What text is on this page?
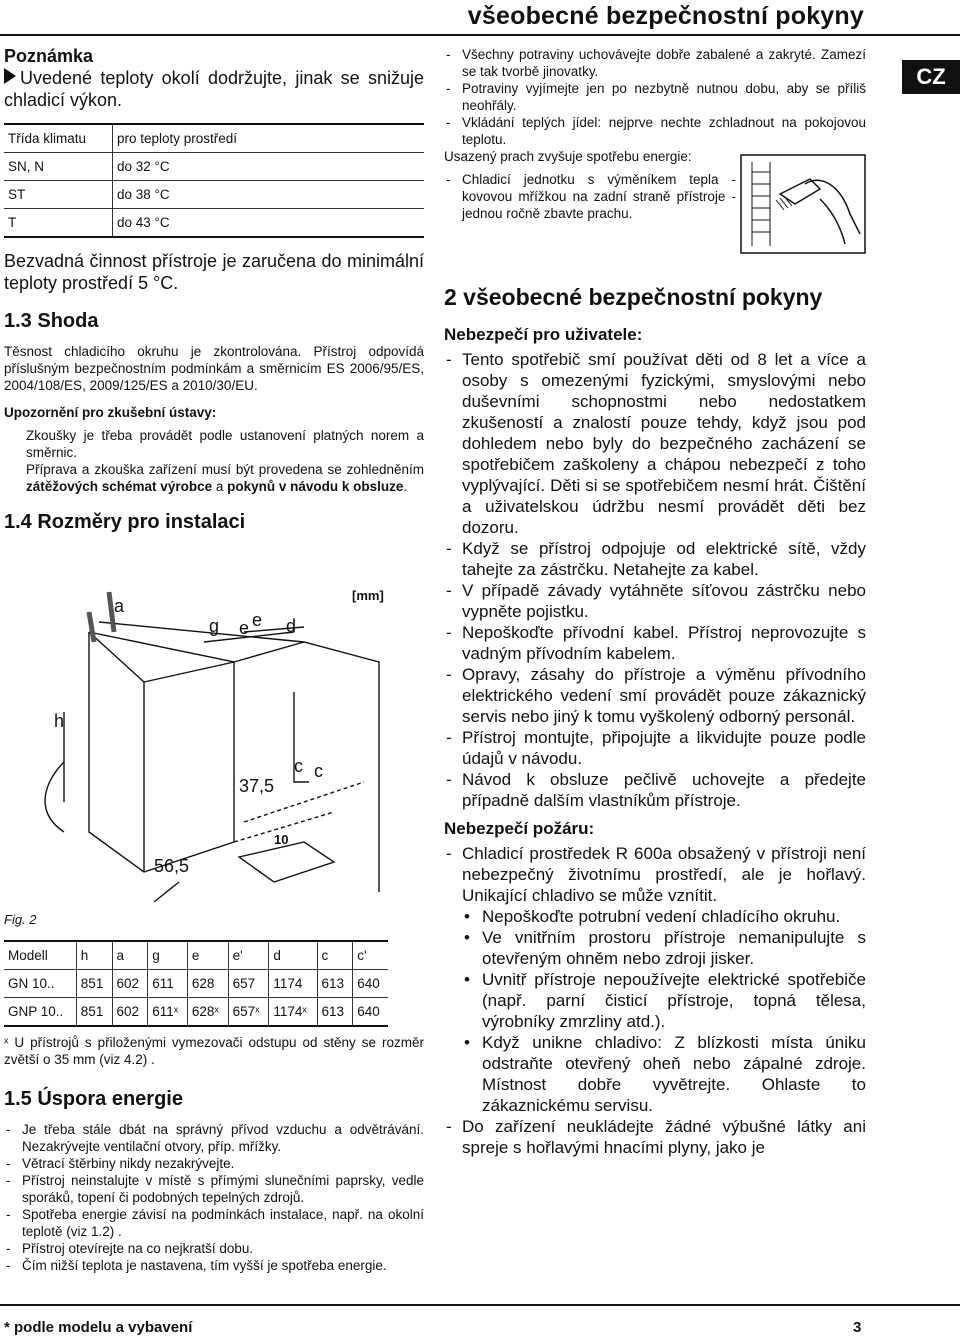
všeobecné bezpečnostní pokyny
CZ
Poznámka
Uvedené teploty okolí dodržujte, jinak se snižuje chladicí výkon.
Třída klimatu	pro teploty prostředí
SN, N	do 32 °C
ST	do 38 °C
T	do 43 °C
Bezvadná činnost přístroje je zaručena do minimální teploty prostředí 5 °C.
1.3 Shoda
Těsnost chladicího okruhu je zkontrolována. Přístroj odpovídá příslušným bezpečnostním podmínkám a směrnicím ES 2006/95/ES, 2004/108/ES, 2009/125/ES a 2010/30/EU.
Upozornění pro zkušební ústavy:
Zkoušky je třeba provádět podle ustanovení platných norem a směrnic.
Příprava a zkouška zařízení musí být provedena se zohledněním zátěžových schémat výrobce a pokynů v návodu k obsluze.
1.4 Rozměry pro instalaci
[mm]
a
g e e d
h
c c
37,5
10
56,5
Fig. 2
Modell	h	a	g	e	e'	d	c	c'
GN 10..	851	602	611	628	657	1174	613	640
GNP 10..	851	602	611ˣ	628ˣ	657ˣ	1174ˣ	613	640
ˣ U přístrojů s přiloženými vymezovači odstupu od stěny se rozměr zvětší o 35 mm (viz 4.2) .
1.5 Úspora energie
- Je třeba stále dbát na správný přívod vzduchu a odvětrávání. Nezakrývejte ventilační otvory, příp. mřížky.
- Větrací štěrbiny nikdy nezakrývejte.
- Přístroj neinstalujte v místě s přímými slunečními paprsky, vedle sporáků, topení či podobných tepelných zdrojů.
- Spotřeba energie závisí na podmínkách instalace, např. na okolní teplotě (viz 1.2) .
- Přístroj otevírejte na co nejkratší dobu.
- Čím nižší teplota je nastavena, tím vyšší je spotřeba energie.
- Všechny potraviny uchovávejte dobře zabalené a zakryté. Zamezí se tak tvorbě jinovatky.
- Potraviny vyjímejte jen po nezbytně nutnou dobu, aby se příliš neohřály.
- Vkládání teplých jídel: nejprve nechte zchladnout na pokojovou teplotu.
Usazený prach zvyšuje spotřebu energie:
- Chladicí jednotku s výměníkem tepla - kovovou mřížkou na zadní straně přístroje - jednou ročně zbavte prachu.
2 všeobecné bezpečnostní pokyny
Nebezpečí pro uživatele:
- Tento spotřebič smí používat děti od 8 let a více a osoby s omezenými fyzickými, smyslovými nebo duševními schopnostmi nebo nedostatkem zkušeností a znalostí pouze tehdy, když jsou pod dohledem nebo byly do bezpečného zacházení se spotřebičem zaškoleny a chápou nebezpečí z toho vyplývající. Děti si se spotřebičem nesmí hrát. Čištění a uživatelskou údržbu nesmí provádět děti bez dozoru.
- Když se přístroj odpojuje od elektrické sítě, vždy tahejte za zástrčku. Netahejte za kabel.
- V případě závady vytáhněte síťovou zástrčku nebo vypněte pojistku.
- Nepoškoďte přívodní kabel. Přístroj neprovozujte s vadným přívodním kabelem.
- Opravy, zásahy do přístroje a výměnu přívodního elektrického vedení smí provádět pouze zákaznický servis nebo jiný k tomu vyškolený odborný personál.
- Přístroj montujte, připojujte a likvidujte pouze podle údajů v návodu.
- Návod k obsluze pečlivě uchovejte a předejte případně dalším vlastníkům přístroje.
Nebezpečí požáru:
- Chladicí prostředek R 600a obsažený v přístroji není nebezpečný životnímu prostředí, ale je hořlavý. Unikající chladivo se může vznítit.
• Nepoškoďte potrubní vedení chladícího okruhu.
• Ve vnitřním prostoru přístroje nemanipulujte s otevřeným ohněm nebo zdroji jisker.
• Uvnitř přístroje nepoužívejte elektrické spotřebiče (např. parní čisticí přístroje, topná tělesa, výrobníky zmrzliny atd.).
• Když unikne chladivo: Z blízkosti místa úniku odstraňte otevřený oheň nebo zápalné zdroje. Místnost dobře vyvětrejte. Ohlaste to zákaznickému servisu.
- Do zařízení neukládejte žádné výbušné látky ani spreje s hořlavými hnacími plyny, jako je
* podle modelu a vybavení	3
